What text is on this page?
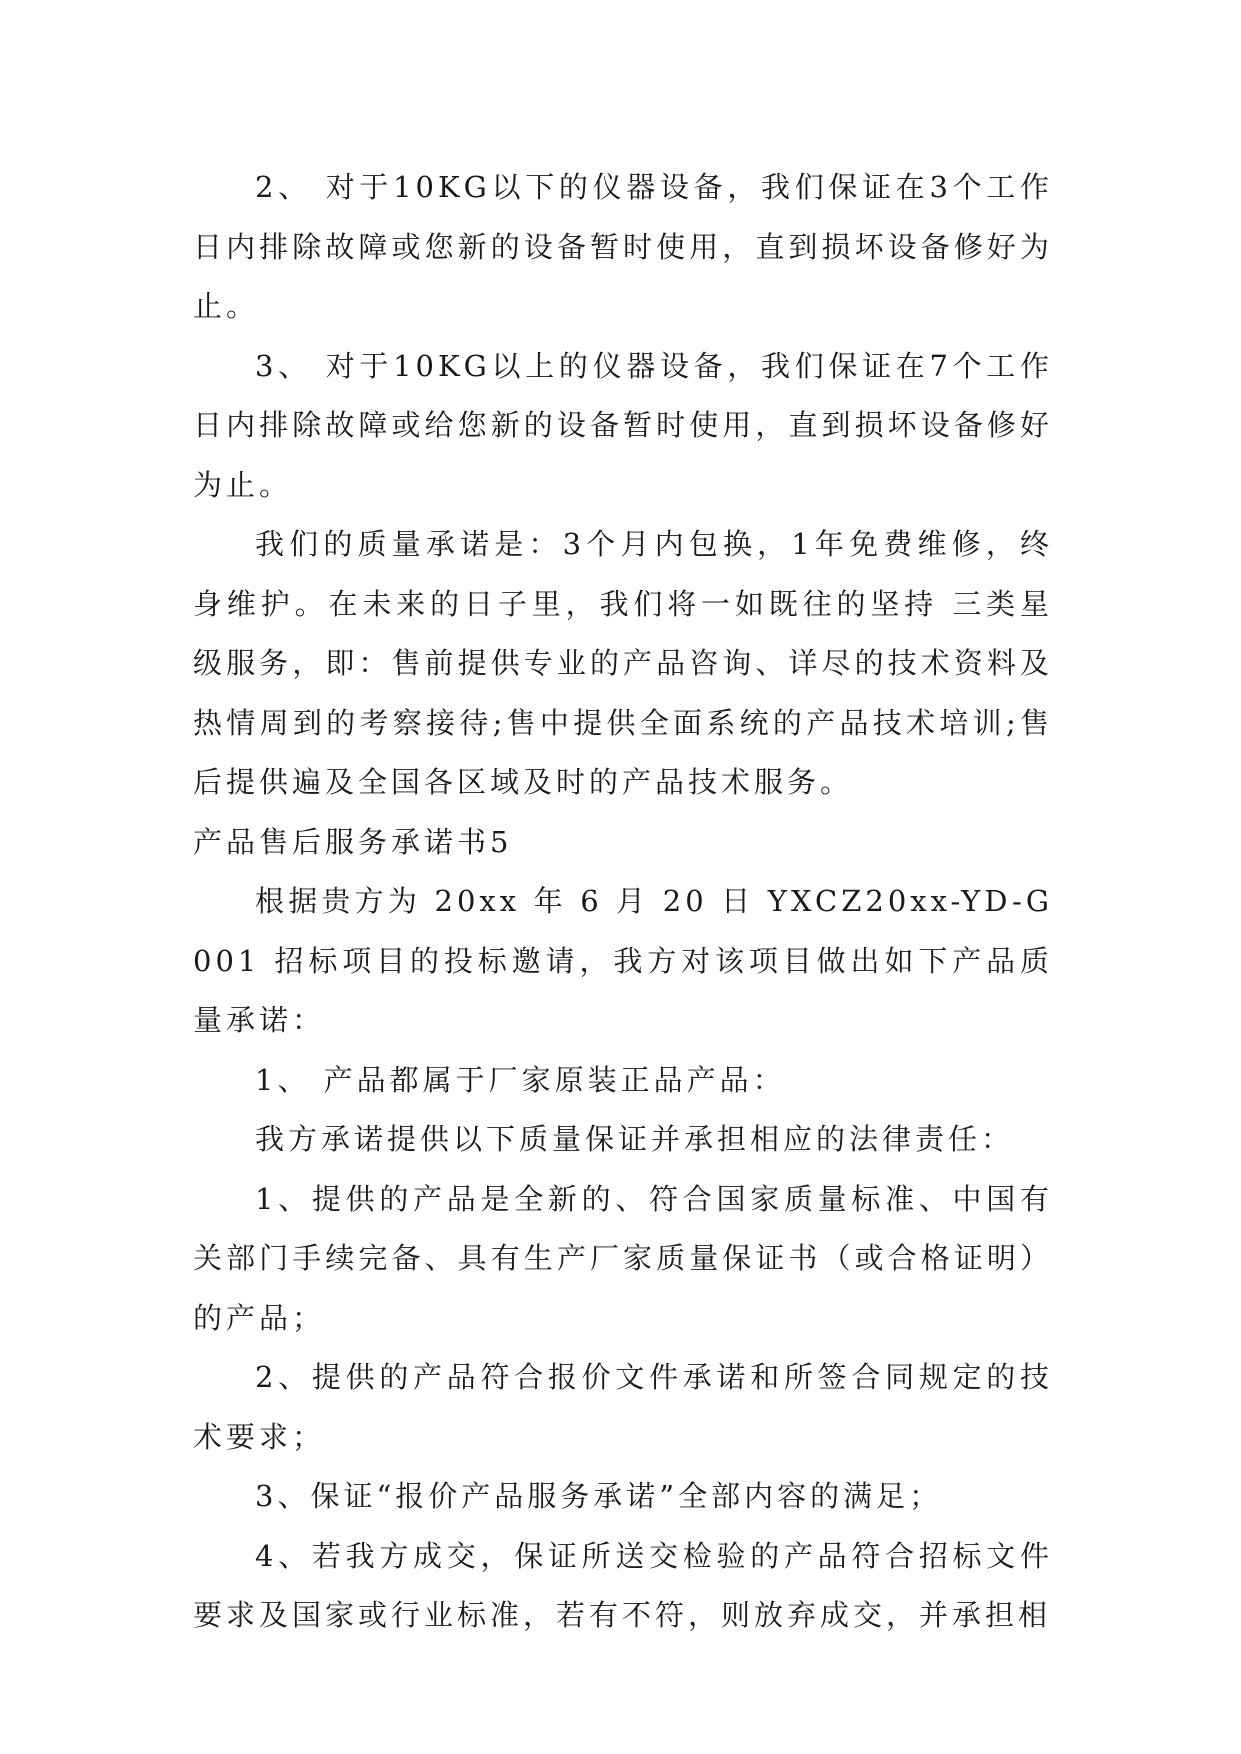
2、 对于10KG以下的仪器设备，我们保证在3个工作日内排除故障或您新的设备暂时使用，直到损坏设备修好为止。

3、 对于10KG以上的仪器设备，我们保证在7个工作日内排除故障或给您新的设备暂时使用，直到损坏设备修好为止。

我们的质量承诺是：3个月内包换，1年免费维修，终身维护。在未来的日子里，我们将一如既往的坚持 三类星级服务，即：售前提供专业的产品咨询、详尽的技术资料及热情周到的考察接待;售中提供全面系统的产品技术培训;售后提供遍及全国各区域及时的产品技术服务。

产品售后服务承诺书5

根据贵方为 20xx 年 6 月 20 日 YXCZ20xx-YD-G001 招标项目的投标邀请，我方对该项目做出如下产品质量承诺：

1、 产品都属于厂家原装正品产品：

我方承诺提供以下质量保证并承担相应的法律责任：

1、提供的产品是全新的、符合国家质量标准、中国有关部门手续完备、具有生产厂家质量保证书（或合格证明）的产品；

2、提供的产品符合报价文件承诺和所签合同规定的技术要求；

3、保证“报价产品服务承诺”全部内容的满足；

4、若我方成交，保证所送交检验的产品符合招标文件要求及国家或行业标准，若有不符，则放弃成交，并承担相
